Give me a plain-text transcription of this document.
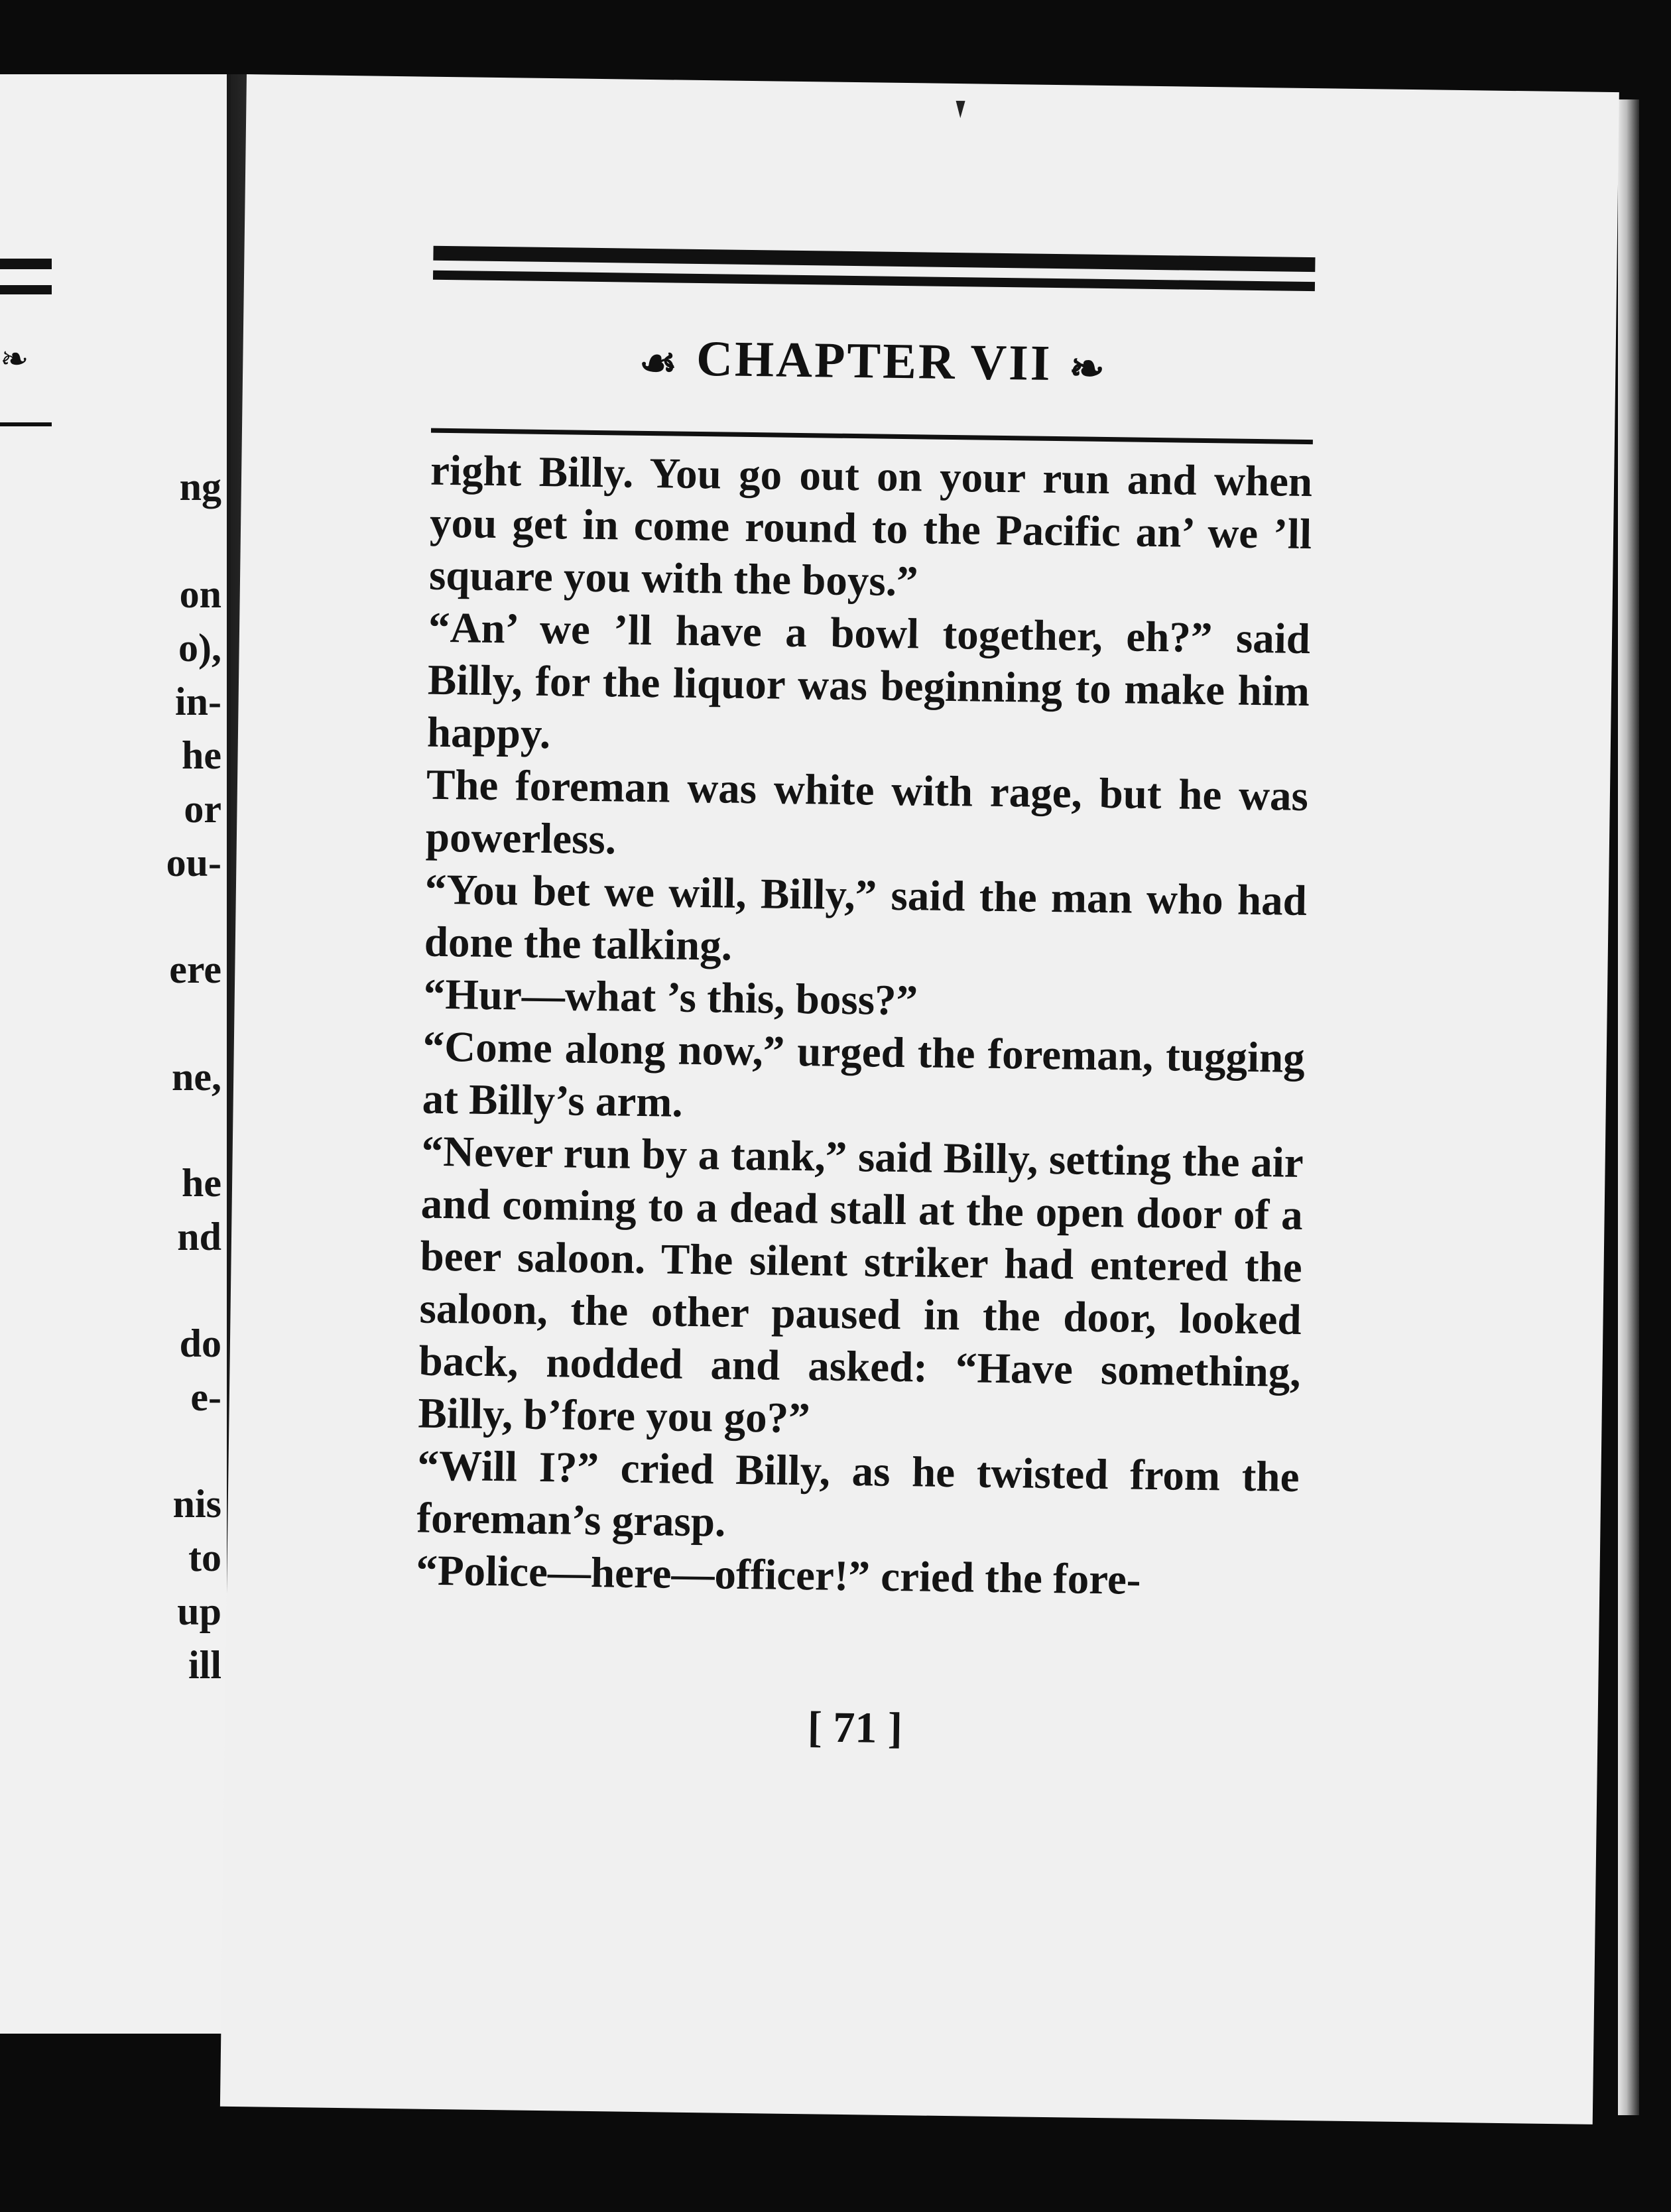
❧
ng
on
o),
in-
he
or
ou-
ere
ne,
he
nd
do
e-
nis
to
up
ill
☙ CHAPTER VII ❧

right Billy. You go out on your run and when you get in come round to the Pacific an’ we ’ll square you with the boys.”

“An’ we ’ll have a bowl together, eh?” said Billy, for the liquor was beginning to make him happy.

The foreman was white with rage, but he was powerless.

“You bet we will, Billy,” said the man who had done the talking.

“Hur—what ’s this, boss?”

“Come along now,” urged the foreman, tugging at Billy’s arm.

“Never run by a tank,” said Billy, setting the air and coming to a dead stall at the open door of a beer saloon. The silent striker had entered the saloon, the other paused in the door, looked back, nodded and asked: “Have something, Billy, b’fore you go?”

“Will I?” cried Billy, as he twisted from the foreman’s grasp.

“Police—here—officer!” cried the fore-

[ 71 ]
